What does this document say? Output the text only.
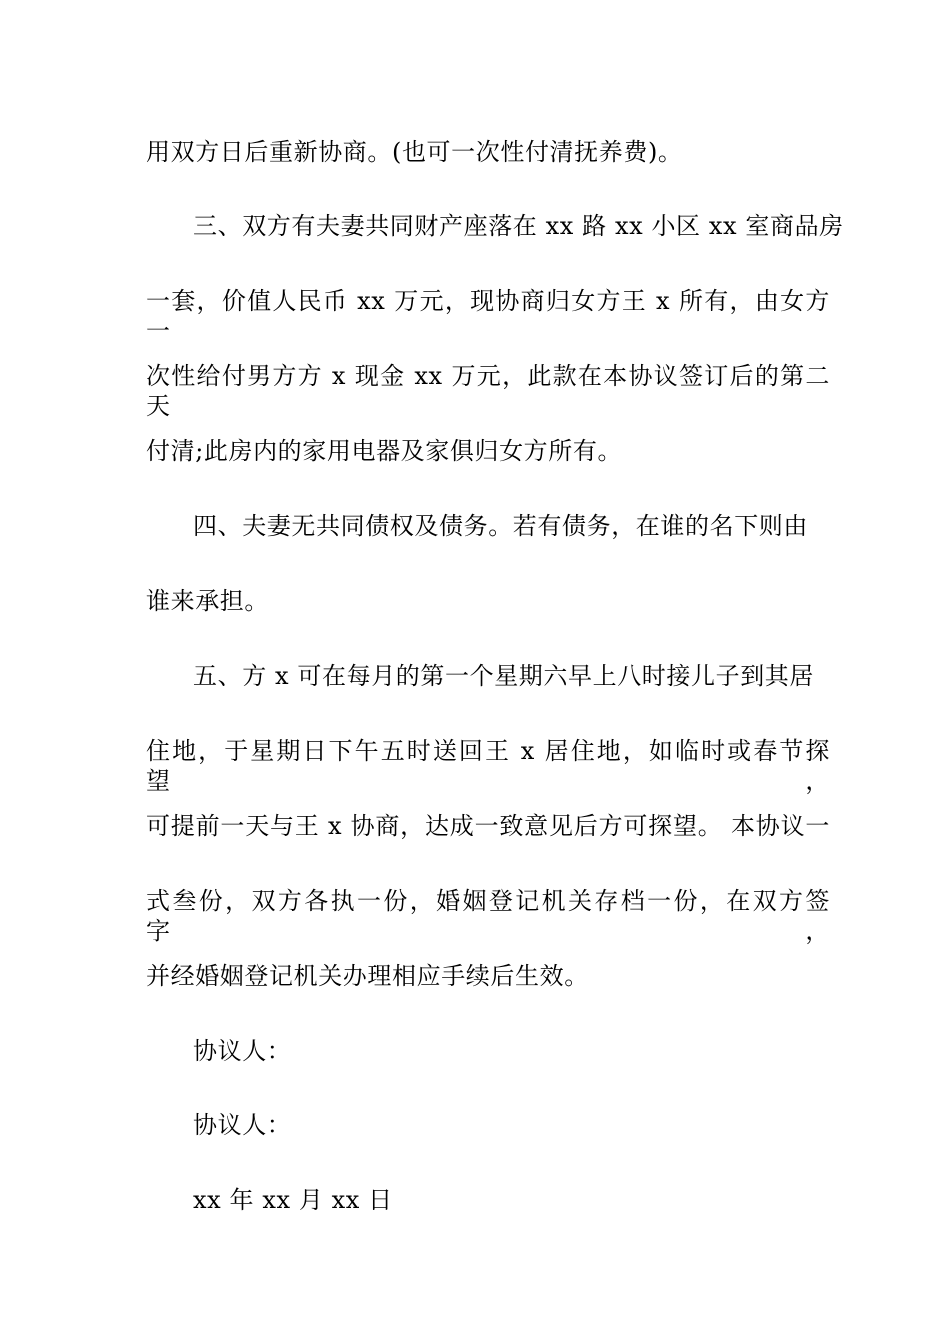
用双方日后重新协商。(也可一次性付清抚养费)。
三、双方有夫妻共同财产座落在 xx 路 xx 小区 xx 室商品房
一套，价值人民币 xx 万元，现协商归女方王 x 所有，由女方一
次性给付男方方 x 现金 xx 万元，此款在本协议签订后的第二天
付清;此房内的家用电器及家俱归女方所有。
四、夫妻无共同债权及债务。若有债务，在谁的名下则由
谁来承担。
五、方 x 可在每月的第一个星期六早上八时接儿子到其居
住地，于星期日下午五时送回王 x 居住地，如临时或春节探望，
可提前一天与王 x 协商，达成一致意见后方可探望。 本协议一
式叁份，双方各执一份，婚姻登记机关存档一份，在双方签字，
并经婚姻登记机关办理相应手续后生效。
协议人：
协议人：
xx 年 xx 月 xx 日
